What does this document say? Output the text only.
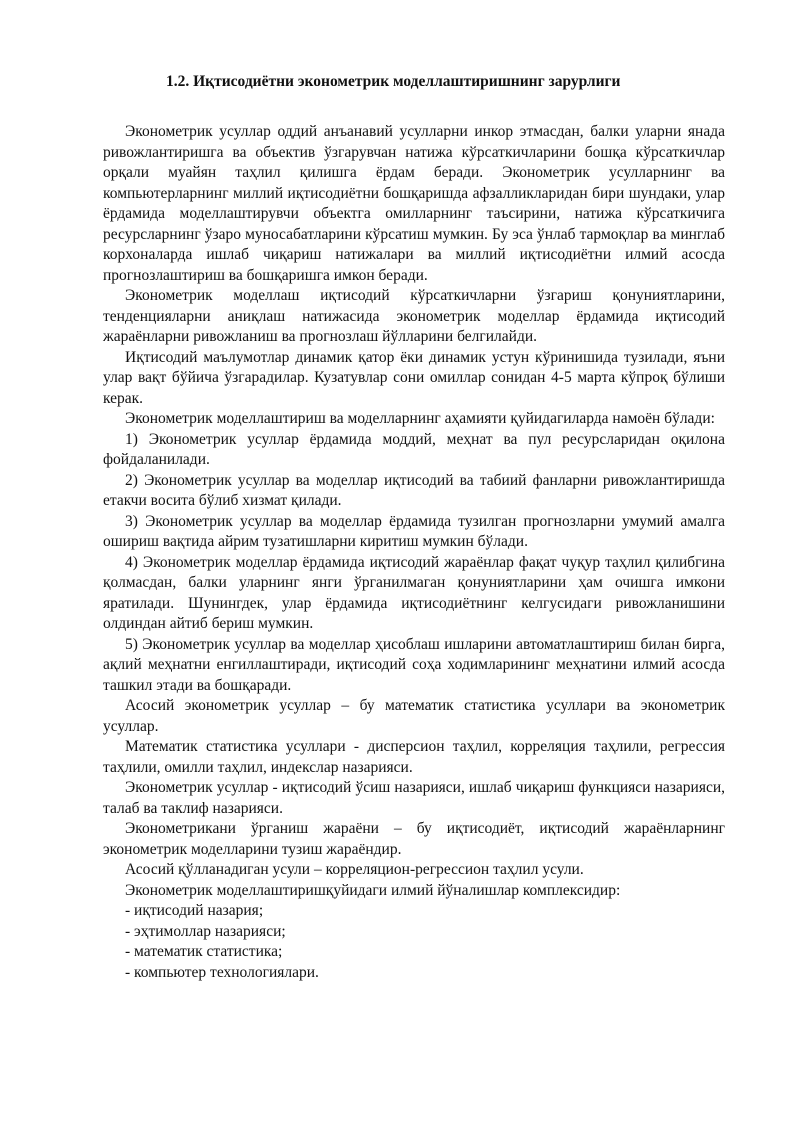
1.2. Иқтисодиётни эконометрик моделлаштиришнинг зарурлиги

Эконометрик усуллар оддий анъанавий усулларни инкор этмасдан, балки уларни янада ривожлантиришга ва объектив ўзгарувчан натижа кўрсаткичларини бошқа кўрсаткичлар орқали муайян таҳлил қилишга ёрдам беради. Эконометрик усулларнинг ва компьютерларнинг миллий иқтисодиётни бошқаришда афзалликларидан бири шундаки, улар ёрдамида моделлаштирувчи объектга омилларнинг таъсирини, натижа кўрсаткичига ресурсларнинг ўзаро муносабатларини кўрсатиш мумкин. Бу эса ўнлаб тармоқлар ва минглаб корхоналарда ишлаб чиқариш натижалари ва миллий иқтисодиётни илмий асосда прогнозлаштириш ва бошқаришга имкон беради.

Эконометрик моделлаш иқтисодий кўрсаткичларни ўзгариш қонуниятларини, тенденцияларни аниқлаш натижасида эконометрик моделлар ёрдамида иқтисодий жараёнларни ривожланиш ва прогнозлаш йўлларини белгилайди.

Иқтисодий маълумотлар динамик қатор ёки динамик устун кўринишида тузилади, яъни улар вақт бўйича ўзгарадилар. Кузатувлар сони омиллар сонидан 4-5 марта кўпроқ бўлиши керак.

Эконометрик моделлаштириш ва моделларнинг аҳамияти қуйидагиларда намоён бўлади:

1) Эконометрик усуллар ёрдамида моддий, меҳнат ва пул ресурсларидан оқилона фойдаланилади.

2) Эконометрик усуллар ва моделлар иқтисодий ва табиий фанларни ривожлантиришда етакчи восита бўлиб хизмат қилади.

3) Эконометрик усуллар ва моделлар ёрдамида тузилган прогнозларни умумий амалга ошириш вақтида айрим тузатишларни киритиш мумкин бўлади.

4) Эконометрик моделлар ёрдамида иқтисодий жараёнлар фақат чуқур таҳлил қилибгина қолмасдан, балки уларнинг янги ўрганилмаган қонуниятларини ҳам очишга имкони яратилади. Шунингдек, улар ёрдамида иқтисодиётнинг келгусидаги ривожланишини олдиндан айтиб бериш мумкин.

5) Эконометрик усуллар ва моделлар ҳисоблаш ишларини автоматлаштириш билан бирга, ақлий меҳнатни енгиллаштиради, иқтисодий соҳа ходимларининг меҳнатини илмий асосда ташкил этади ва бошқаради.

Асосий эконометрик усуллар – бу математик статистика усуллари ва эконометрик усуллар.

Математик статистика усуллари - дисперсион таҳлил, корреляция таҳлили, регрессия таҳлили, омилли таҳлил, индекслар назарияси.

Эконометрик усуллар - иқтисодий ўсиш назарияси, ишлаб чиқариш функцияси назарияси, талаб ва таклиф назарияси.

Эконометрикани ўрганиш жараёни – бу иқтисодиёт, иқтисодий жараёнларнинг эконометрик моделларини тузиш жараёндир.

Асосий қўлланадиган усули – корреляцион-регрессион таҳлил усули.

Эконометрик моделлаштиришқуйидаги илмий йўналишлар комплексидир:

- иқтисодий назария;

- эҳтимоллар назарияси;

- математик статистика;

- компьютер технологиялари.
